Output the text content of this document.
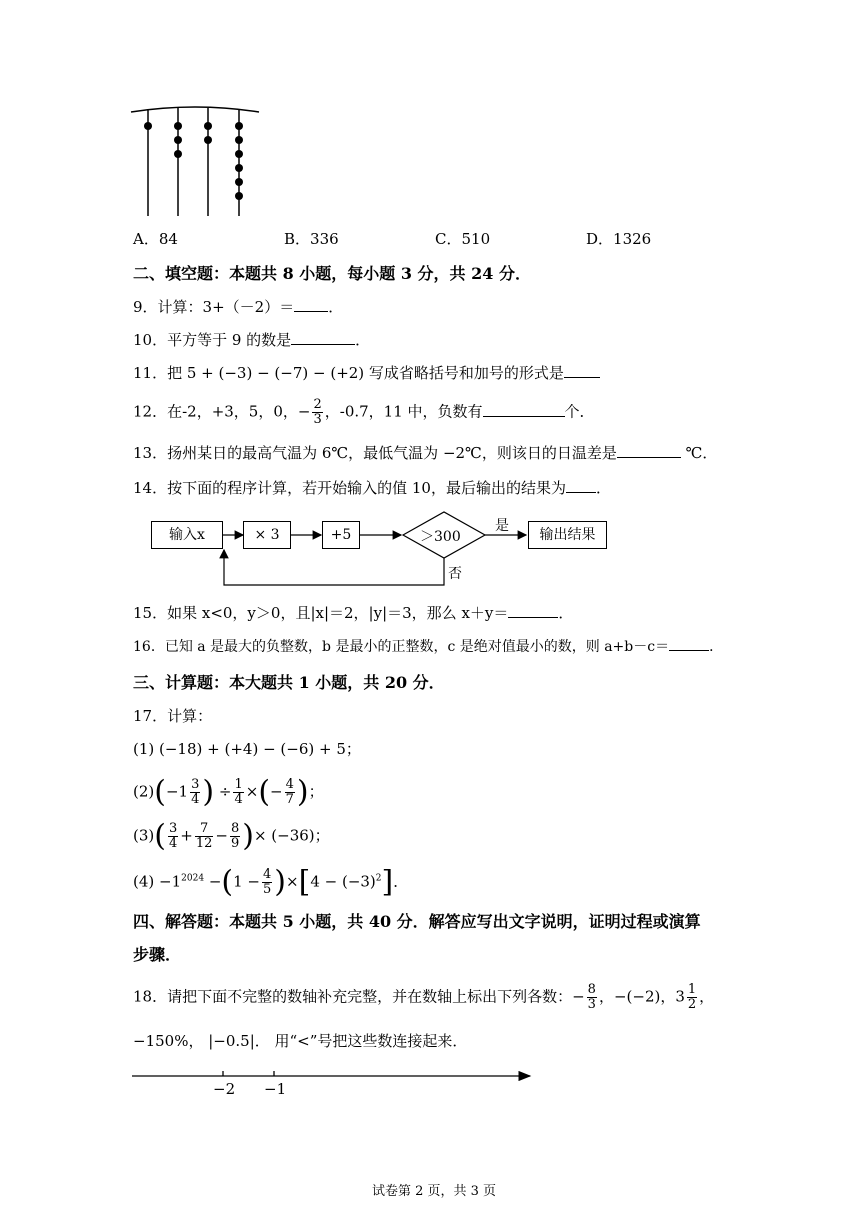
A．84	B．336	C．510	D．1326
二、填空题：本题共 8 小题，每小题 3 分，共 24 分．
9．计算：3+（－2）＝ ．
10．平方等于 9 的数是	．
11．把 5 + (−3) − (−7) − (+2) 写成省略括号和加号的形式是
12．在-2，+3，5，0，− $\frac{2}{3}$ ，-0.7，11 中，负数有	个．
13．扬州某日的最高气温为 6℃，最低气温为 −2℃，则该日的日温差是	℃．
14．按下面的程序计算，若开始输入的值 10，最后输出的结果为 ．
输入x	× 3	+5	＞300
是
否
输出结果
15．如果 x<0，y＞0，且|x|＝2，|y|＝3，那么 x＋y＝	．
16．已知 a 是最大的负整数，b 是最小的正整数，c 是绝对值最小的数，则 a+b－c＝	．
三、计算题：本大题共 1 小题，共 20 分．
17．计算：
(1) (−18) + (+4) − (−6) + 5；
$(2)(-1 \frac{3}{4}$ ) ÷ $\frac{1}{4}$ ×(− $\frac{4}{7}$ )；
$(3)( \frac{3}{4} + \frac{7}{12} - \frac{8}{9}$ )× (−36)；
$(4) -1^{2024} -(1 - \frac{4}{5} )\times[4 - (-3)^2]$．
四、解答题：本题共 5 小题，共 40 分．解答应写出文字说明，证明过程或演算
步骤．
18．请把下面不完整的数轴补充完整，并在数轴上标出下列各数：− $\frac{8}{3}$ ，−(−2)，$3 \frac{1}{2}$ ，
−150%， |−0.5|． 用“<”号把这些数连接起来．
−2 −1
试卷第 2 页，共 3 页
